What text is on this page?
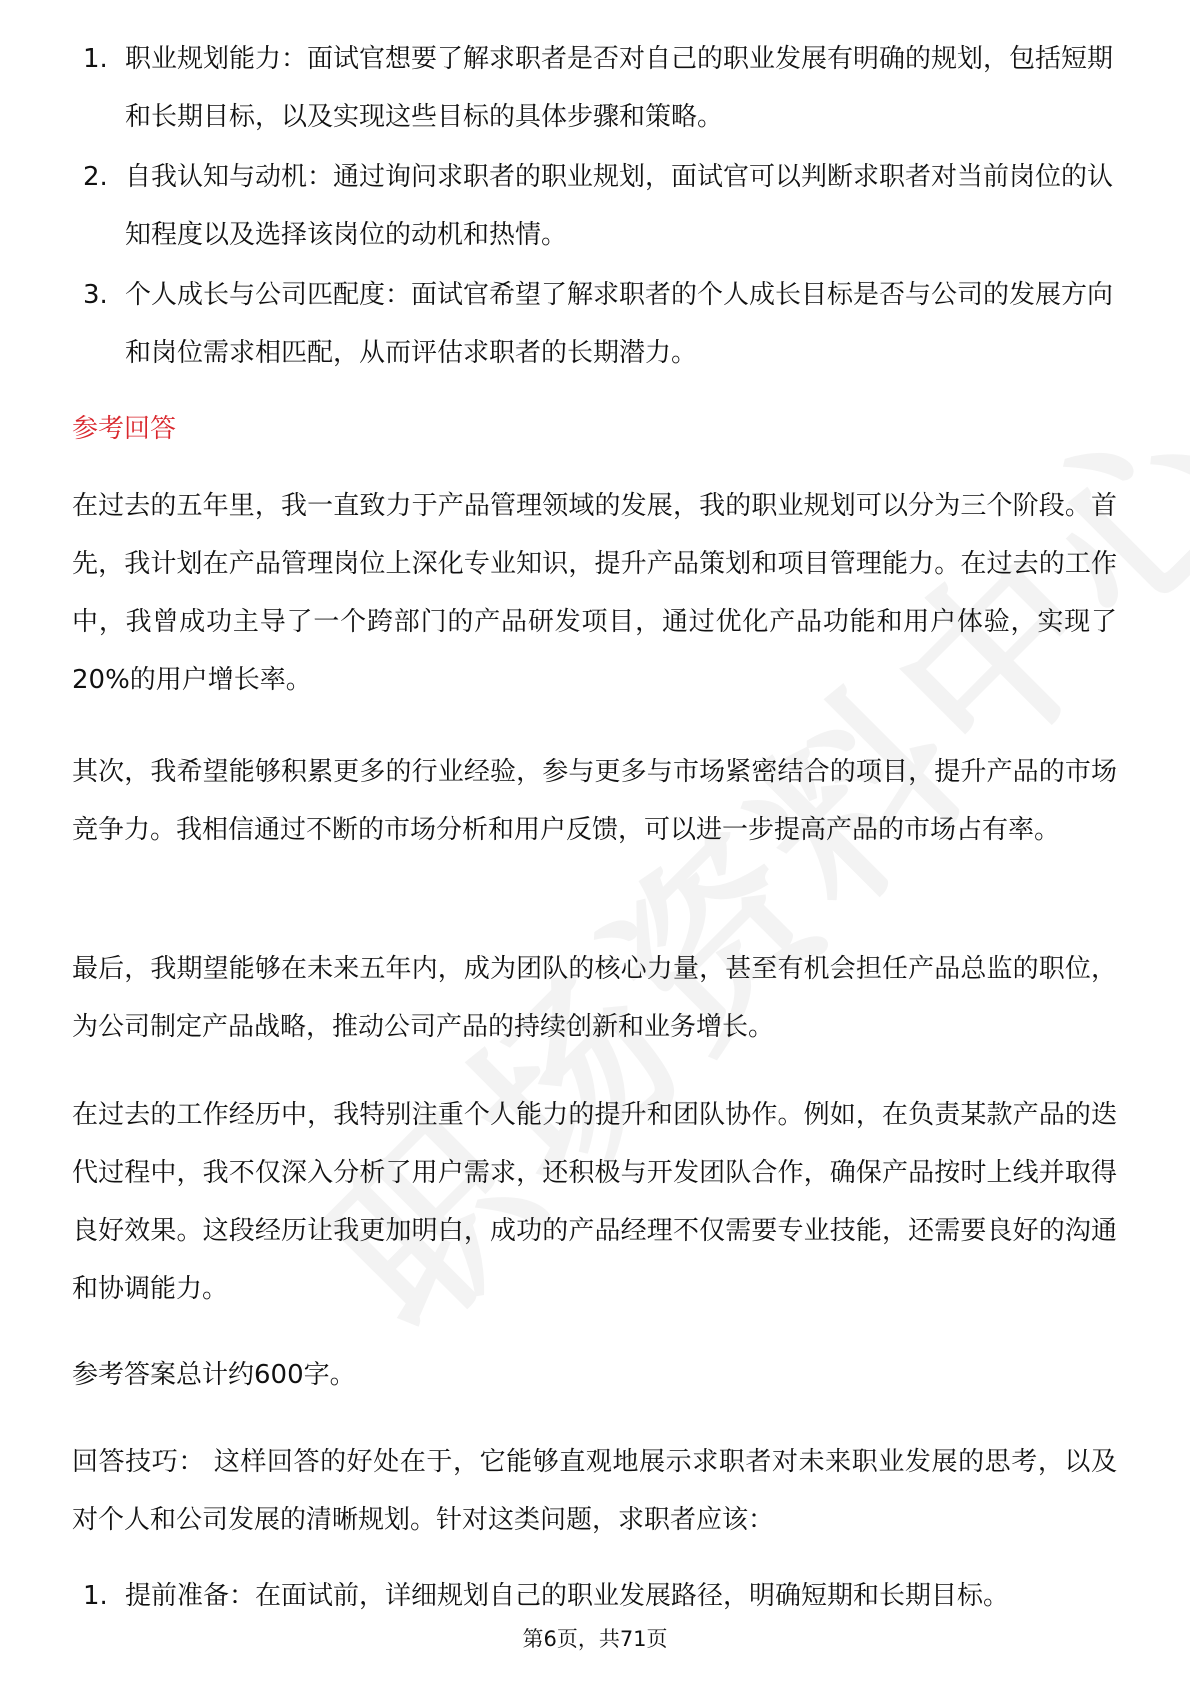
1. 职业规划能力：面试官想要了解求职者是否对自己的职业发展有明确的规划，包括短期和长期目标，以及实现这些目标的具体步骤和策略。
2. 自我认知与动机：通过询问求职者的职业规划，面试官可以判断求职者对当前岗位的认知程度以及选择该岗位的动机和热情。
3. 个人成长与公司匹配度：面试官希望了解求职者的个人成长目标是否与公司的发展方向和岗位需求相匹配，从而评估求职者的长期潜力。
参考回答

在过去的五年里，我一直致力于产品管理领域的发展，我的职业规划可以分为三个阶段。首先，我计划在产品管理岗位上深化专业知识，提升产品策划和项目管理能力。在过去的工作中，我曾成功主导了一个跨部门的产品研发项目，通过优化产品功能和用户体验，实现了20%的用户增长率。

其次，我希望能够积累更多的行业经验，参与更多与市场紧密结合的项目，提升产品的市场竞争力。我相信通过不断的市场分析和用户反馈，可以进一步提高产品的市场占有率。

最后，我期望能够在未来五年内，成为团队的核心力量，甚至有机会担任产品总监的职位，为公司制定产品战略，推动公司产品的持续创新和业务增长。

在过去的工作经历中，我特别注重个人能力的提升和团队协作。例如，在负责某款产品的迭代过程中，我不仅深入分析了用户需求，还积极与开发团队合作，确保产品按时上线并取得良好效果。这段经历让我更加明白，成功的产品经理不仅需要专业技能，还需要良好的沟通和协调能力。

参考答案总计约600字。

回答技巧： 这样回答的好处在于，它能够直观地展示求职者对未来职业发展的思考，以及对个人和公司发展的清晰规划。针对这类问题，求职者应该：

1. 提前准备：在面试前，详细规划自己的职业发展路径，明确短期和长期目标。
第6页，共71页
